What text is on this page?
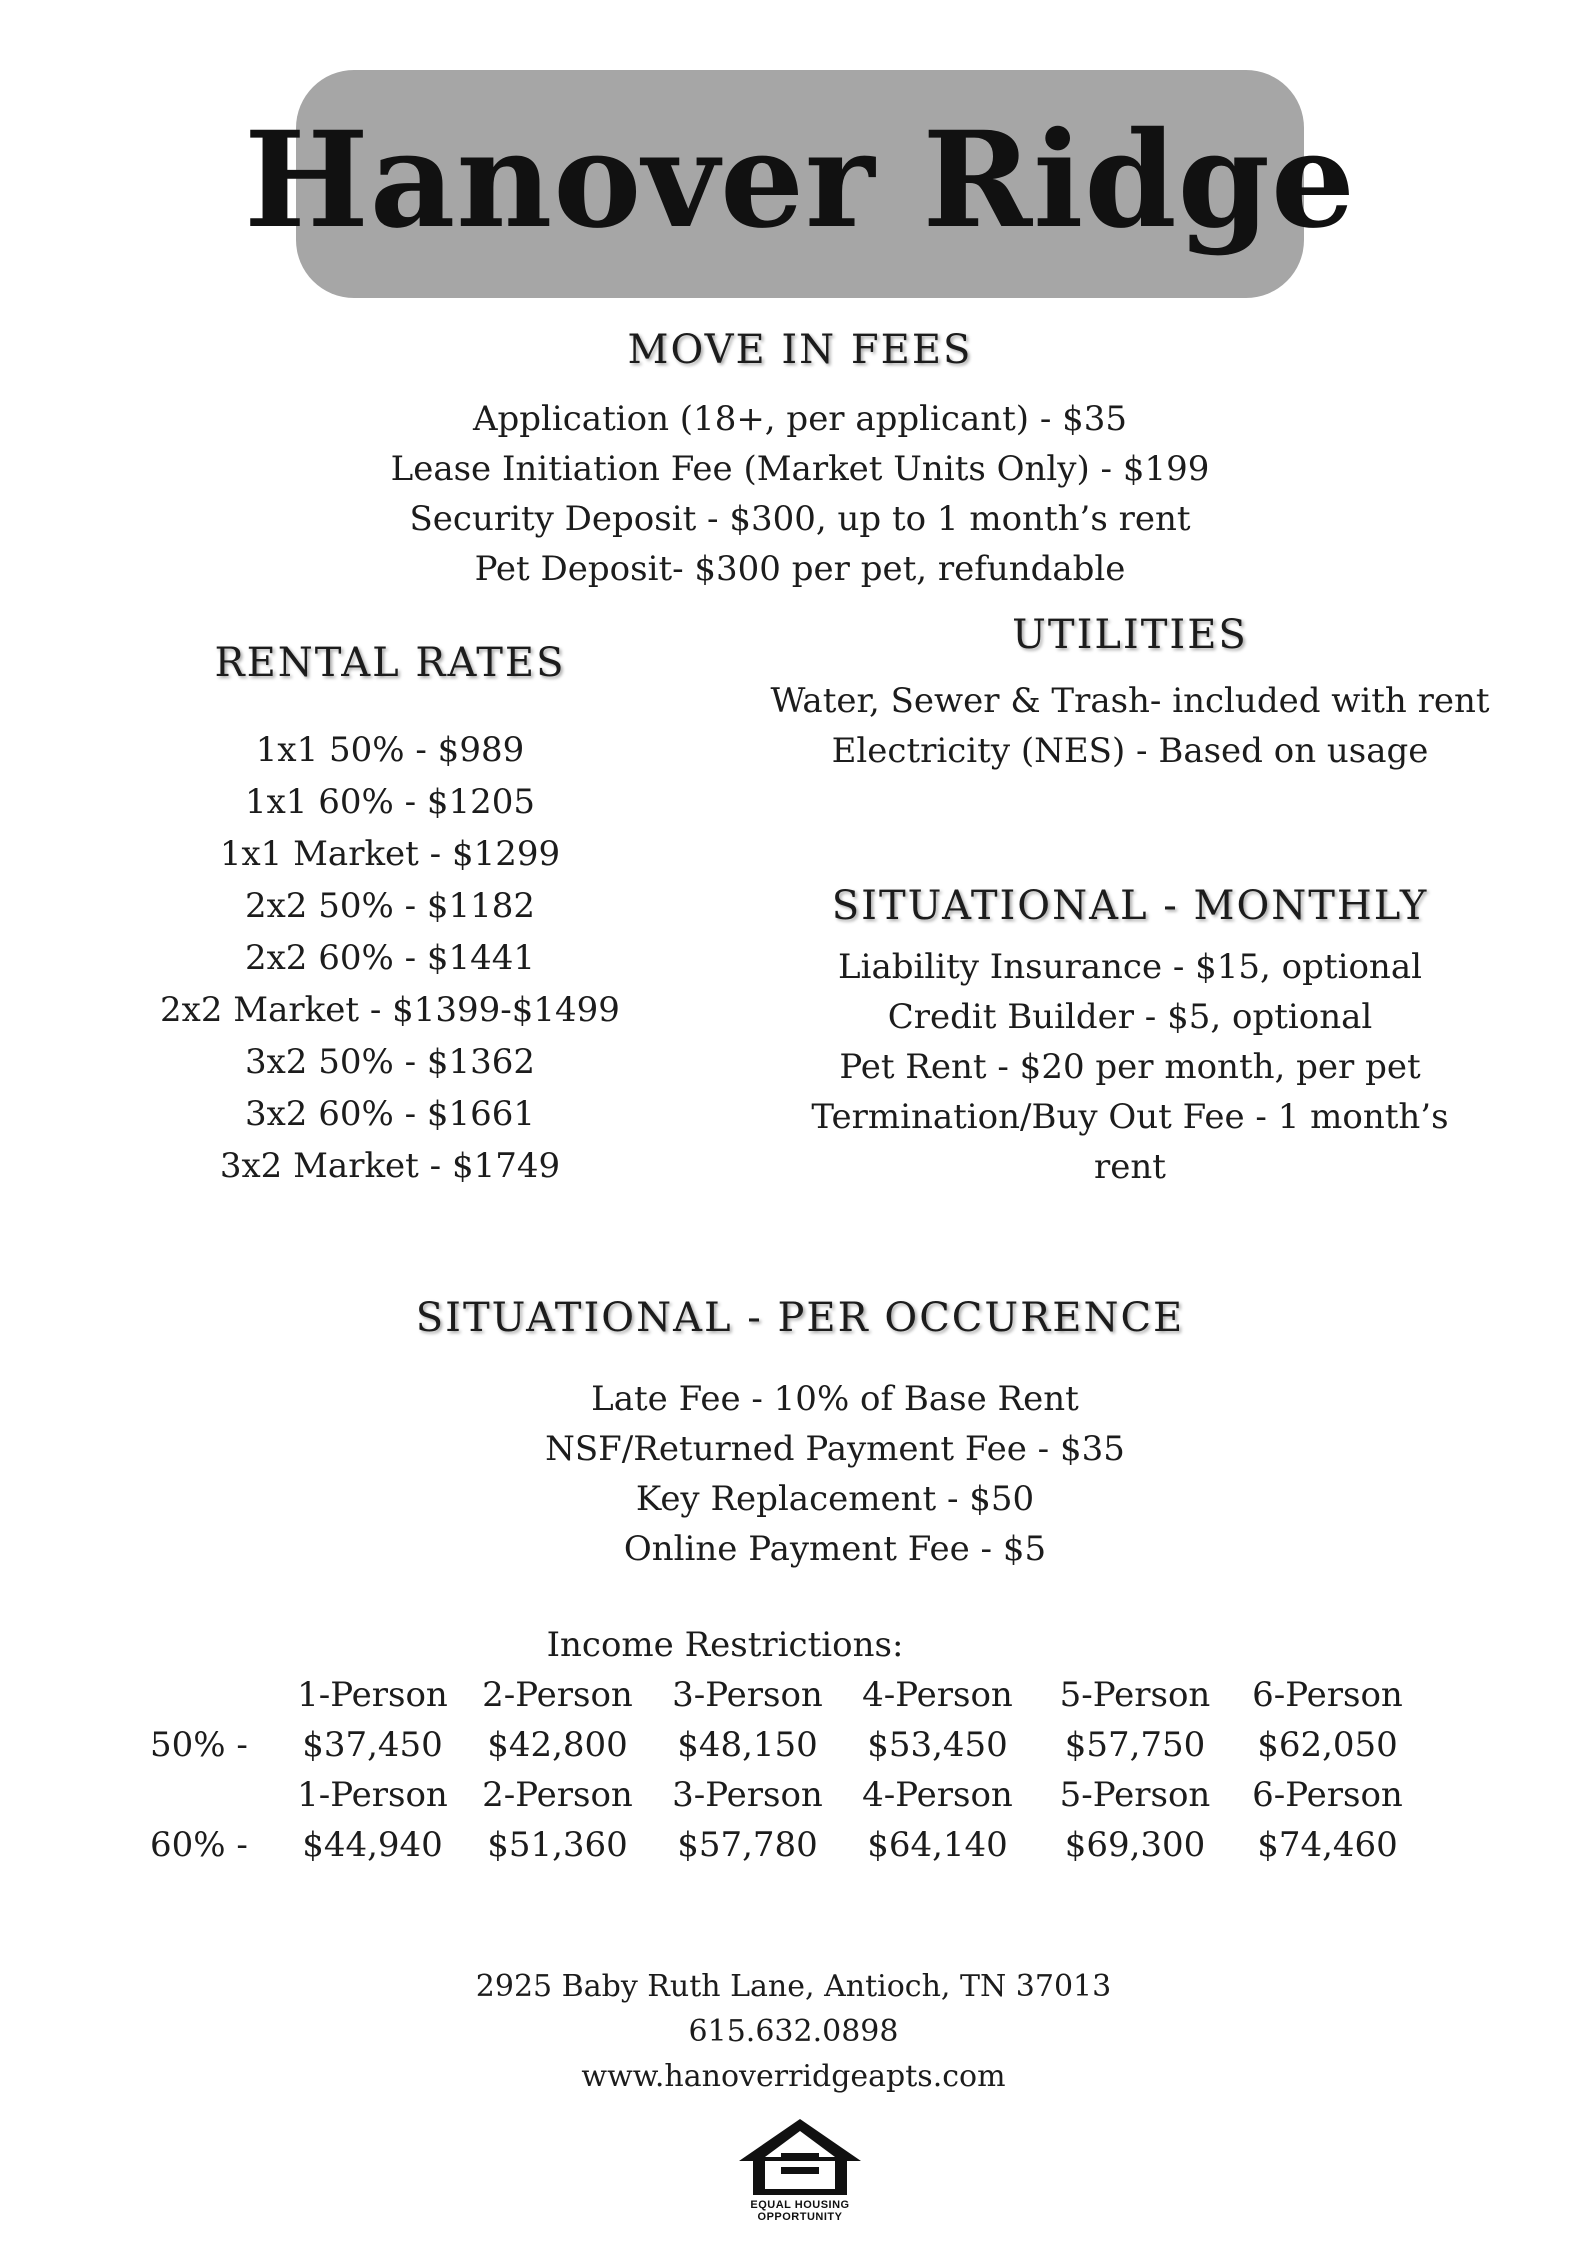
Hanover Ridge
MOVE IN FEES
Application (18+, per applicant) - $35
Lease Initiation Fee (Market Units Only) - $199
Security Deposit - $300, up to 1 month’s rent
Pet Deposit- $300 per pet, refundable
RENTAL RATES
1x1 50% - $989
1x1 60% - $1205
1x1 Market - $1299
2x2 50% - $1182
2x2 60% - $1441
2x2 Market - $1399-$1499
3x2 50% - $1362
3x2 60% - $1661
3x2 Market - $1749
UTILITIES
Water, Sewer & Trash- included with rent
Electricity (NES) - Based on usage
SITUATIONAL - MONTHLY
Liability Insurance - $15, optional
Credit Builder - $5, optional
Pet Rent - $20 per month, per pet
Termination/Buy Out Fee - 1 month’s rent
SITUATIONAL - PER OCCURENCE
Late Fee - 10% of Base Rent
NSF/Returned Payment Fee - $35
Key Replacement - $50
Online Payment Fee - $5
Income Restrictions:
1-Person	2-Person	3-Person	4-Person	5-Person	6-Person
50% -	$37,450	$42,800	$48,150	$53,450	$57,750	$62,050
1-Person	2-Person	3-Person	4-Person	5-Person	6-Person
60% -	$44,940	$51,360	$57,780	$64,140	$69,300	$74,460
2925 Baby Ruth Lane, Antioch, TN 37013
615.632.0898
www.hanoverridgeapts.com
EQUAL HOUSING
OPPORTUNITY
